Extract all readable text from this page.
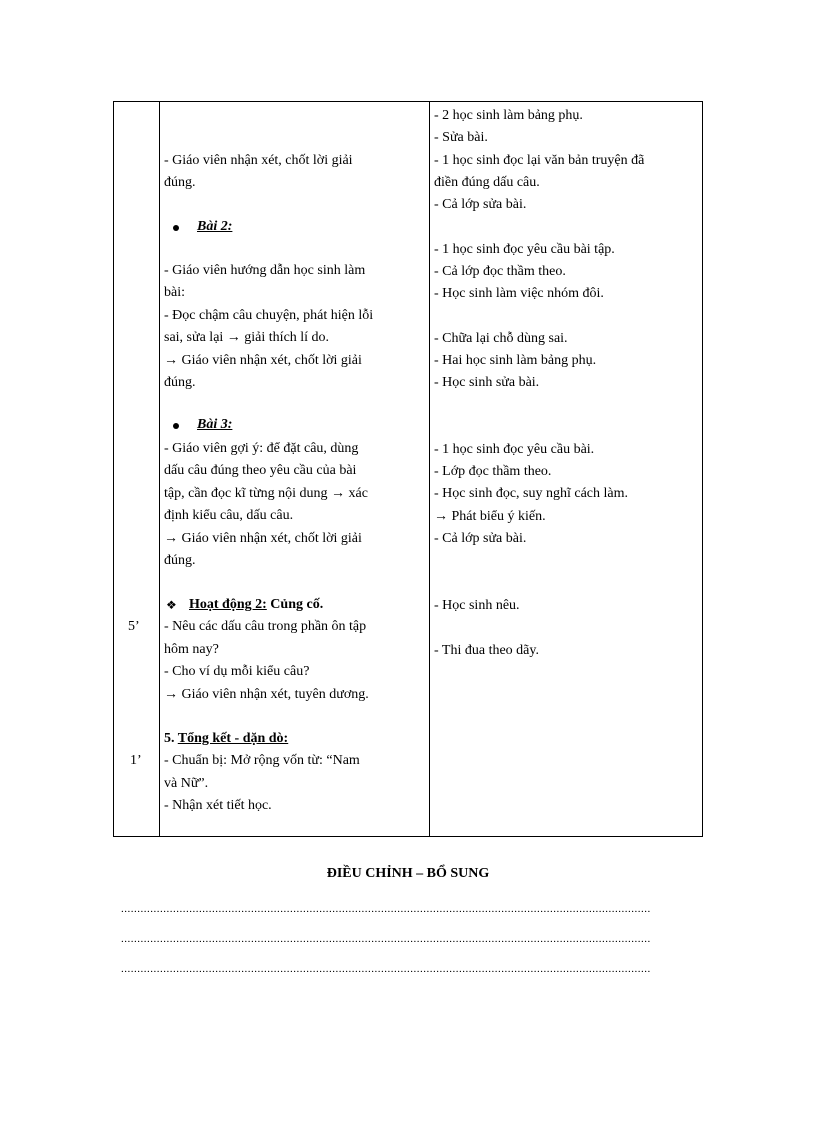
5’
1’
- Giáo viên nhận xét, chốt lời giải
đúng.
Bài 2:
- Giáo viên hướng dẫn học sinh làm
bài:
- Đọc chậm câu chuyện, phát hiện lỗi
sai, sửa lại → giải thích lí do.
→ Giáo viên nhận xét, chốt lời giải
đúng.
Bài 3:
- Giáo viên gợi ý: để đặt câu, dùng
dấu câu đúng theo yêu cầu của bài
tập, cần đọc kĩ từng nội dung → xác
định kiểu câu, dấu câu.
→ Giáo viên nhận xét, chốt lời giải
đúng.
❖ Hoạt động 2: Củng cố.
- Nêu các dấu câu trong phần ôn tập
hôm nay?
- Cho ví dụ mỗi kiểu câu?
→ Giáo viên nhận xét, tuyên dương.
5. Tổng kết - dặn dò:
- Chuẩn bị: Mở rộng vốn từ: “Nam
và Nữ”.
- Nhận xét tiết học.
- 2 học sinh làm bảng phụ.
- Sửa bài.
- 1 học sinh đọc lại văn bản truyện đã
điền đúng dấu câu.
- Cả lớp sửa bài.
- 1 học sinh đọc yêu cầu bài tập.
- Cả lớp đọc thầm theo.
- Học sinh làm việc nhóm đôi.
- Chữa lại chỗ dùng sai.
- Hai học sinh làm bảng phụ.
- Học sinh sửa bài.
- 1 học sinh đọc yêu cầu bài.
- Lớp đọc thầm theo.
- Học sinh đọc, suy nghĩ cách làm.
→ Phát biểu ý kiến.
- Cả lớp sửa bài.
- Học sinh nêu.
- Thi đua theo dãy.
ĐIỀU CHỈNH – BỔ SUNG
...................................................................................................................................................................
...................................................................................................................................................................
...................................................................................................................................................................
